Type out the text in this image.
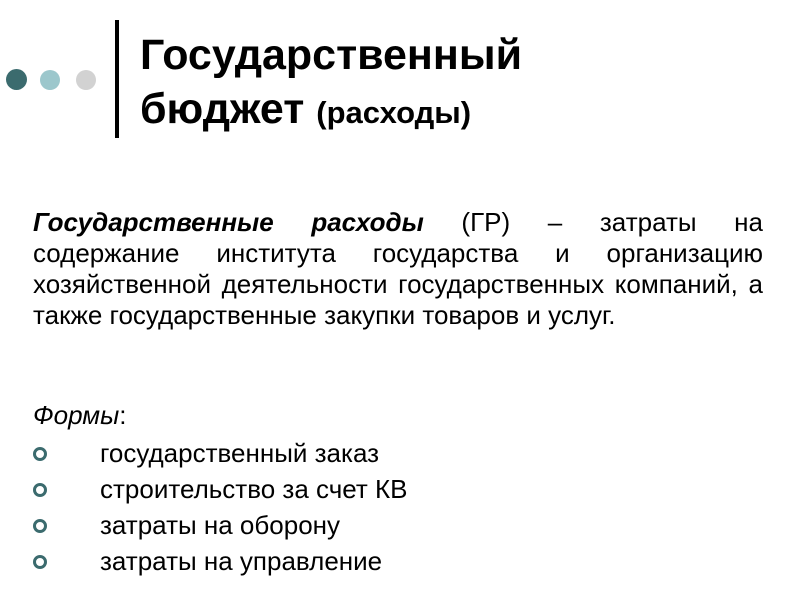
Государственный
бюджет (расходы)

Государственные расходы (ГР) – затраты на содержание института государства и организацию хозяйственной деятельности государственных компаний, а также государственные закупки товаров и услуг.

Формы:

государственный заказ
строительство за счет КВ
затраты на оборону
затраты на управление
